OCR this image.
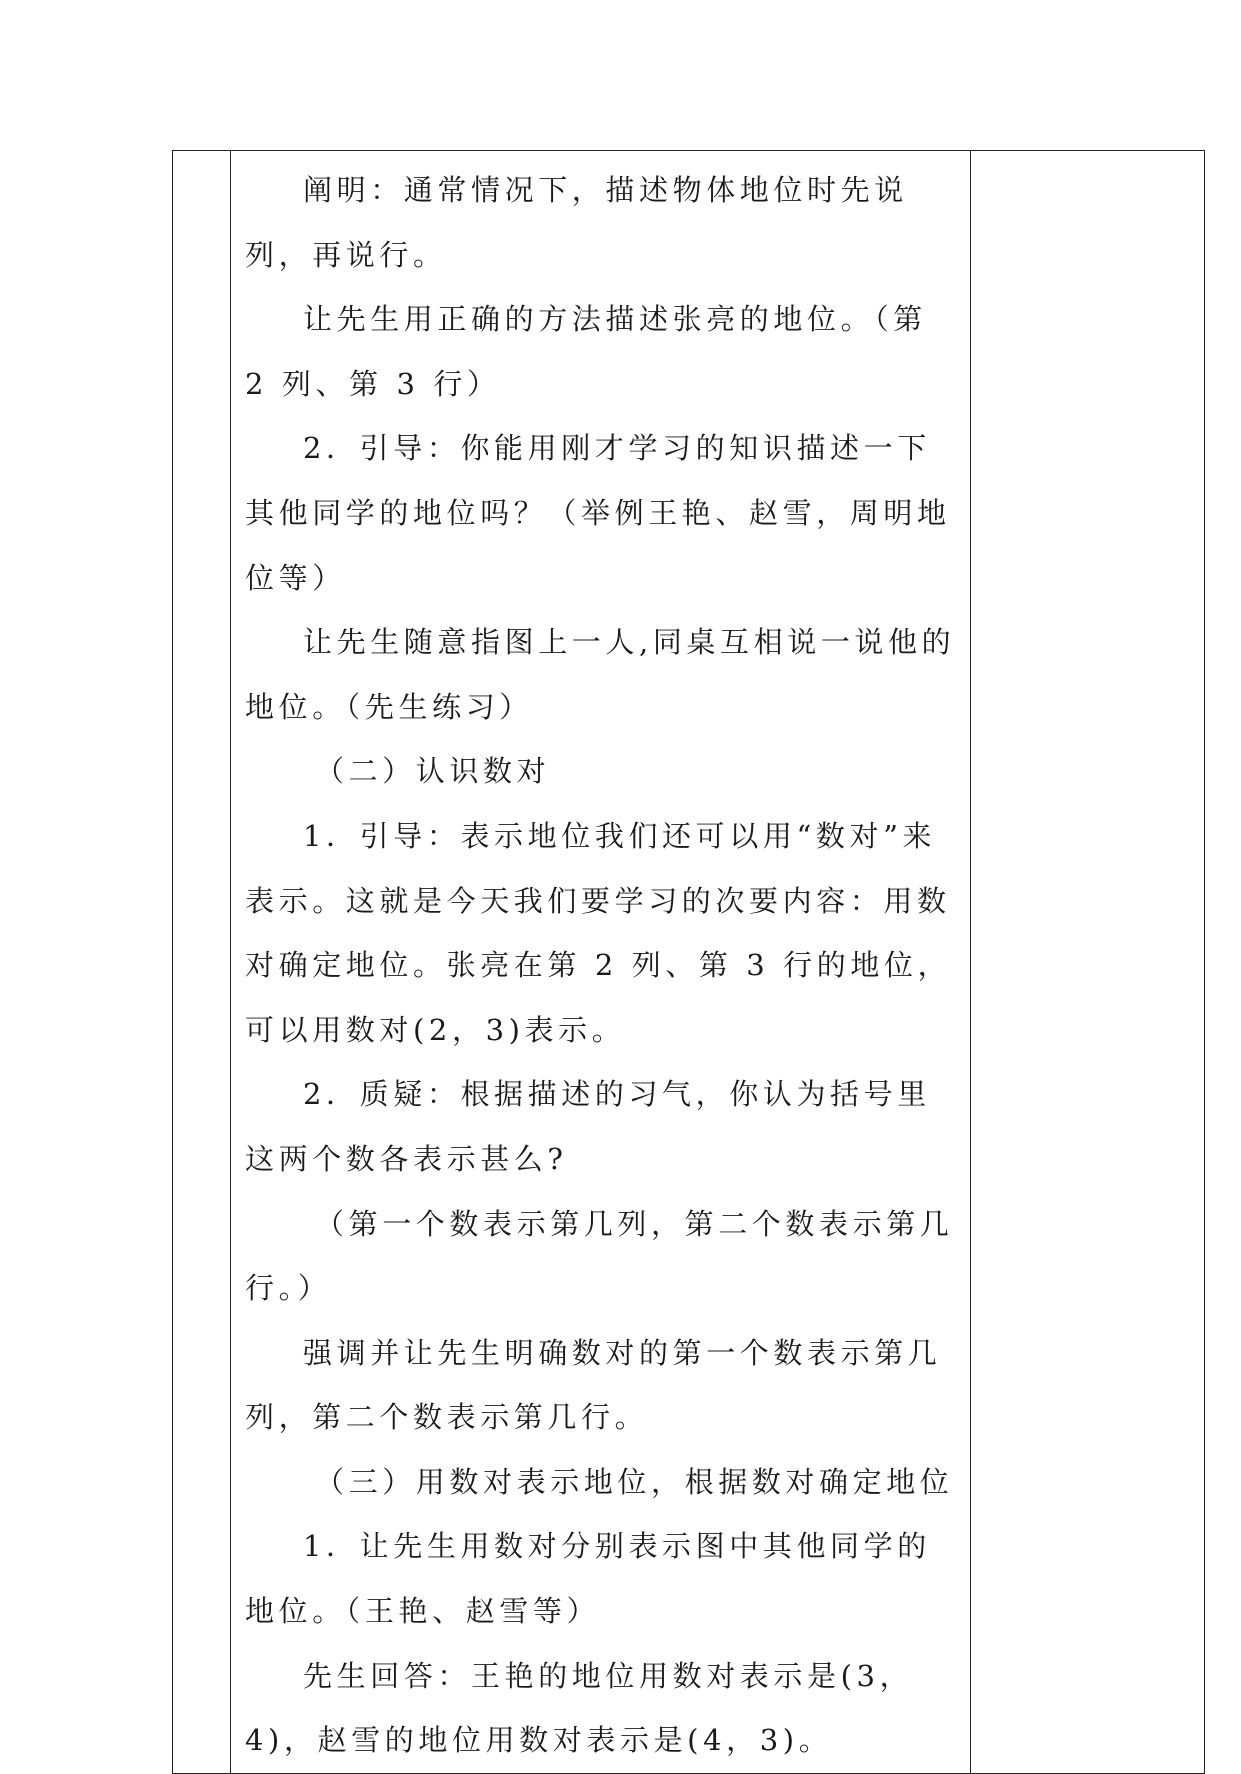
阐明：通常情况下，描述物体地位时先说列，再说行。

让先生用正确的方法描述张亮的地位。（第 2 列、第 3 行）

2．引导：你能用刚才学习的知识描述一下其他同学的地位吗？（举例王艳、赵雪，周明地位等）

让先生随意指图上一人,同桌互相说一说他的地位。（先生练习）

（二）认识数对

1．引导：表示地位我们还可以用“数对”来表示。这就是今天我们要学习的次要内容：用数对确定地位。张亮在第 2 列、第 3 行的地位，可以用数对(2，3)表示。

2．质疑：根据描述的习气，你认为括号里这两个数各表示甚么?

（第一个数表示第几列，第二个数表示第几行。）

强调并让先生明确数对的第一个数表示第几列，第二个数表示第几行。

（三）用数对表示地位，根据数对确定地位

1．让先生用数对分别表示图中其他同学的地位。（王艳、赵雪等）

先生回答：王艳的地位用数对表示是(3，4)，赵雪的地位用数对表示是(4，3)。
